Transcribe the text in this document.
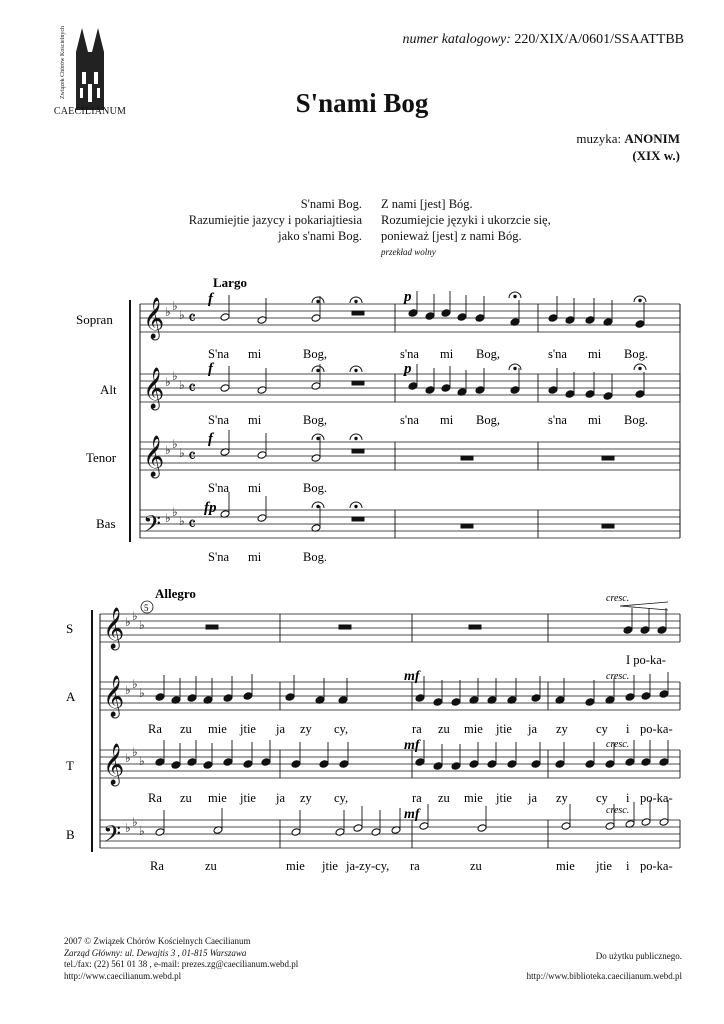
Związek Chórów Kościelnych
CAECILIANUM
numer katalogowy: 220/XIX/A/0601/SSAATTBB
S'nami Bog
muzyka: ANONIM
(XIX w.)
S'nami Bog.
Razumiejtie jazycy i pokariajtiesia
jako s'nami Bog.
Z nami [jest] Bóg.
Rozumiejcie języki i ukorzcie się,
ponieważ [jest] z nami Bóg.
przekład wolny
𝄞 ♭ ♭
♭ 𝄴
𝄞 ♭ ♭
♭ 𝄴
𝄞 ♭ ♭
♭ 𝄴
𝄢 ♭ ♭
♭ 𝄴
𝄞 ♭ ♭
♭
𝄞 ♭ ♭
♭
𝄞 ♭ ♭
♭
𝄢 ♭ ♭
♭
Largo
Sopran
Alt
Tenor
Bas
f	p
f	p
f
fp
S'na mi	Bog,	s'na mi Bog,	s'na mi Bog.
S'na mi	Bog,	s'na mi Bog,	s'na mi Bog.
S'na mi	Bog.
S'na mi	Bog.
Allegro
5
S
A
T
B
cresc.
cresc.
cresc.
cresc.
mf
mf
mf
I po-ka-
Ra zu mie jtie ja zy cy,	ra zu mie jtie ja zy cy i po-ka-
Ra zu mie jtie ja zy cy,	ra zu mie jtie ja zy cy i po-ka-
Ra	zu	mie jtie ja-zy-cy, ra	zu	mie jtie i po-ka-
2007 © Związek Chórów Kościelnych Caecilianum
Zarząd Główny: ul. Dewajtis 3 , 01-815 Warszawa
tel./fax: (22) 561 01 38 , e-mail: prezes.zg@caecilianum.webd.pl
http://www.caecilianum.webd.pl
Do użytku publicznego.
http://www.biblioteka.caecilianum.webd.pl
